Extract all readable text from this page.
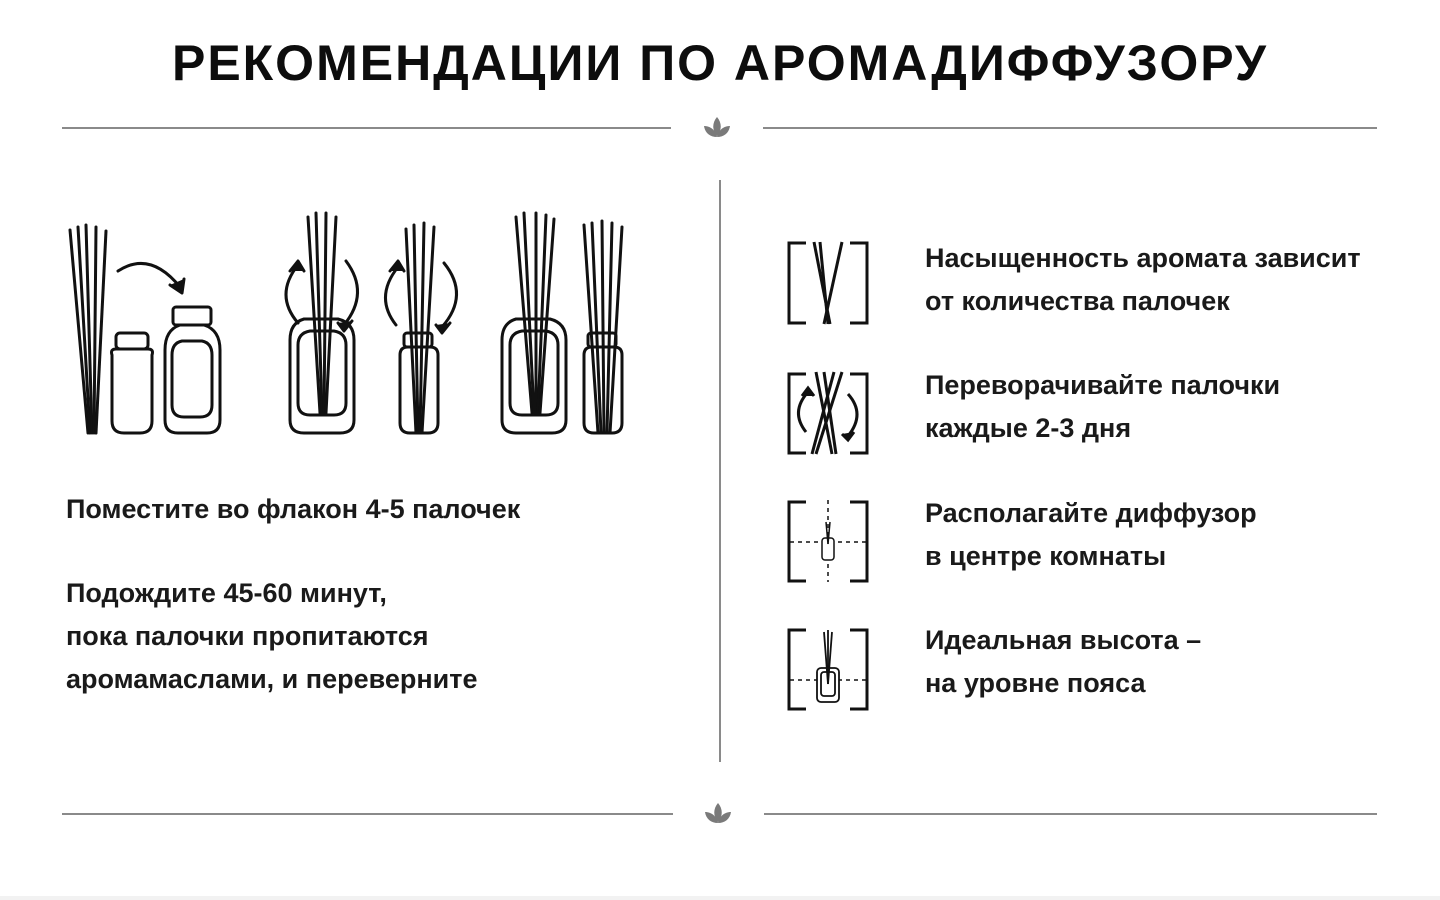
РЕКОМЕНДАЦИИ ПО АРОМАДИФФУЗОРУ
Поместите во флакон 4-5 палочек
Подождите 45-60 минут,
пока палочки пропитаются
аромамаслами, и переверните
Насыщенность аромата зависит
от количества палочек
Переворачивайте палочки
каждые 2-3 дня
Располагайте диффузор
в центре комнаты
Идеальная высота –
на уровне пояса
